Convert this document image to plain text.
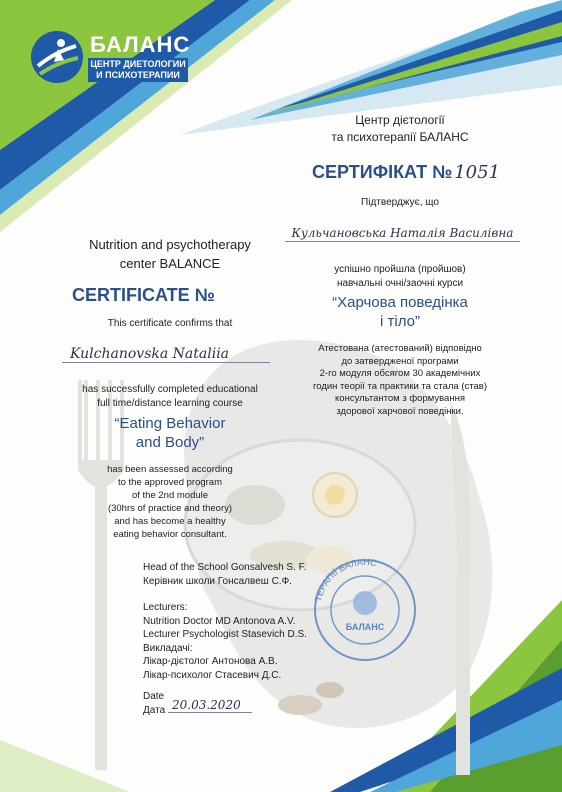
БАЛАНС
ЦЕНТР ДИЕТОЛОГИИ
И ПСИХОТЕРАПИИ
Центр дієтології
та психотерапії БАЛАНС
СЕРТИФІКАТ № 1051
Підтверджує, що
Кульчановська Наталія Василівна
успішно пройшла (пройшов)
навчальні очні/заочні курси
“Харчова поведінка
і тіло”
Атестована (атестований) відповідно
до затвердженої програми
2-го модуля обсягом 30 академічних
годин теорії та практики та стала (став)
консультантом з формування
здорової харчової поведінки.
Nutrition and psychotherapy
center BALANCE
CERTIFICATE №
This certificate confirms that
Kulchanovska Nataliia
has successfully completed educational
full time/distance learning course
“Eating Behavior
and Body”
has been assessed according
to the approved program
of the 2nd module
(30hrs of practice and theory)
and has become a healthy
eating behavior consultant.
Head of the School Gonsalvesh S. F.
Керівник школи Гонсалвеш С.Ф.
Lecturers:
Nutrition Doctor MD Antonova A.V.
Lecturer Psychologist Stasevich D.S.
Викладачі:
Лікар-дієтолог Антонова А.В.
Лікар-психолог Стасевич Д.С.
Date
Дата 20.03.2020
ТЕРАПІЇ БАЛАНС
БАЛАНС
